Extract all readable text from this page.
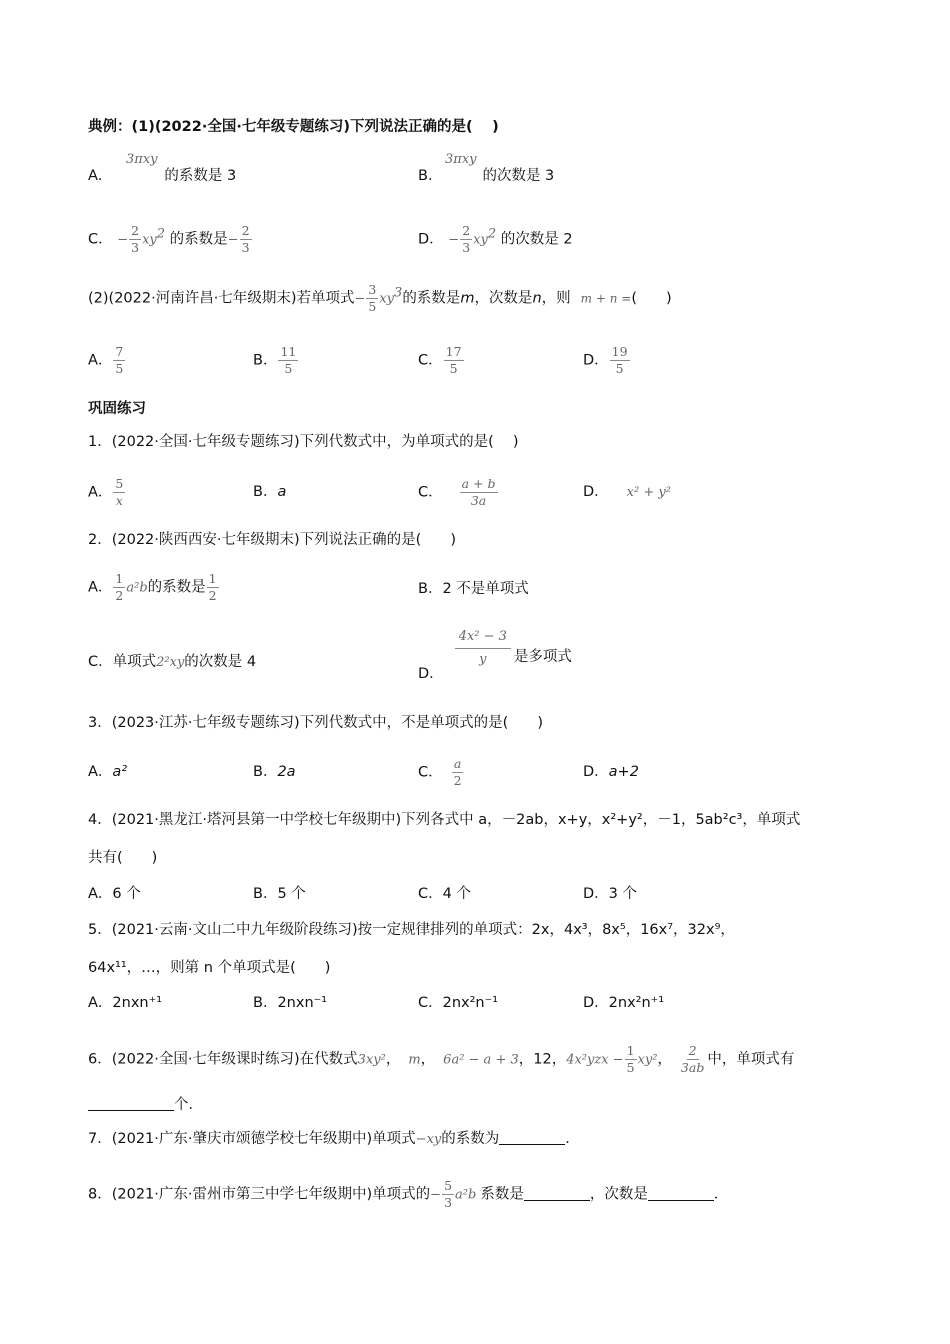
典例：(1)(2022·全国·七年级专题练习)下列说法正确的是(　 )
3πxy
A．	的系数是 3
3πxy
B．	的次数是 3
C． − $\frac{2}{3} xy^2$ 的系数是− $\frac{2}{3}$	D． − $\frac{2}{3} xy^2$ 的次数是 2
(2)(2022·河南许昌·七年级期末)若单项式− $\frac{3}{5} xy^3$的系数是m，次数是n，则 m + n =(　　)
A． $\frac{7}{5}$	B． $\frac{11}{5}$	C． $\frac{17}{5}$	D． $\frac{19}{5}$
巩固练习
1．(2022·全国·七年级专题练习)下列代数式中，为单项式的是(　 )
A． $\frac{5}{x}$	B．a	C． $\frac{a + b}{3a}$	D． x² + y²
2．(2022·陕西西安·七年级期末)下列说法正确的是(　　)
A． $\frac{1}{2} a^2b$的系数是 $\frac{1}{2}$	B．2 不是单项式
C．单项式2²xy的次数是 4
D．
$\frac{\text{4x² − 3}}{y}$ 是多项式
3．(2023·江苏·七年级专题练习)下列代数式中，不是单项式的是(　　)
A．a²	B．2a	C． $\frac{a}{2}$	D．a+2
4．(2021·黑龙江·塔河县第一中学校七年级期中)下列各式中 a，－2ab，x+y，x²+y²，－1，5ab²c³，单项式
共有(　　)
A．6 个	B．5 个	C．4 个	D．3 个
5．(2021·云南·文山二中九年级阶段练习)按一定规律排列的单项式：2x，4x³，8x⁵，16x⁷，32x⁹，
64x¹¹，…，则第 n 个单项式是(　　)
A．2nxn⁺¹	B．2nxn⁻¹	C．2nx²n⁻¹	D．2nx²n⁺¹
6．(2022·全国·七年级课时练习)在代数式3xy²， m， 6a² − a + 3，12，$4x^2yzx - \frac{1}{5} xy^2$， $\frac{2}{3ab}$ 中，单项式有
个．
7．(2021·广东·肇庆市颂德学校七年级期中)单项式−xy的系数为	．
8．(2021·广东·雷州市第三中学七年级期中)单项式的− $\frac{5}{3} a^2b$ 系数是	，次数是	．
